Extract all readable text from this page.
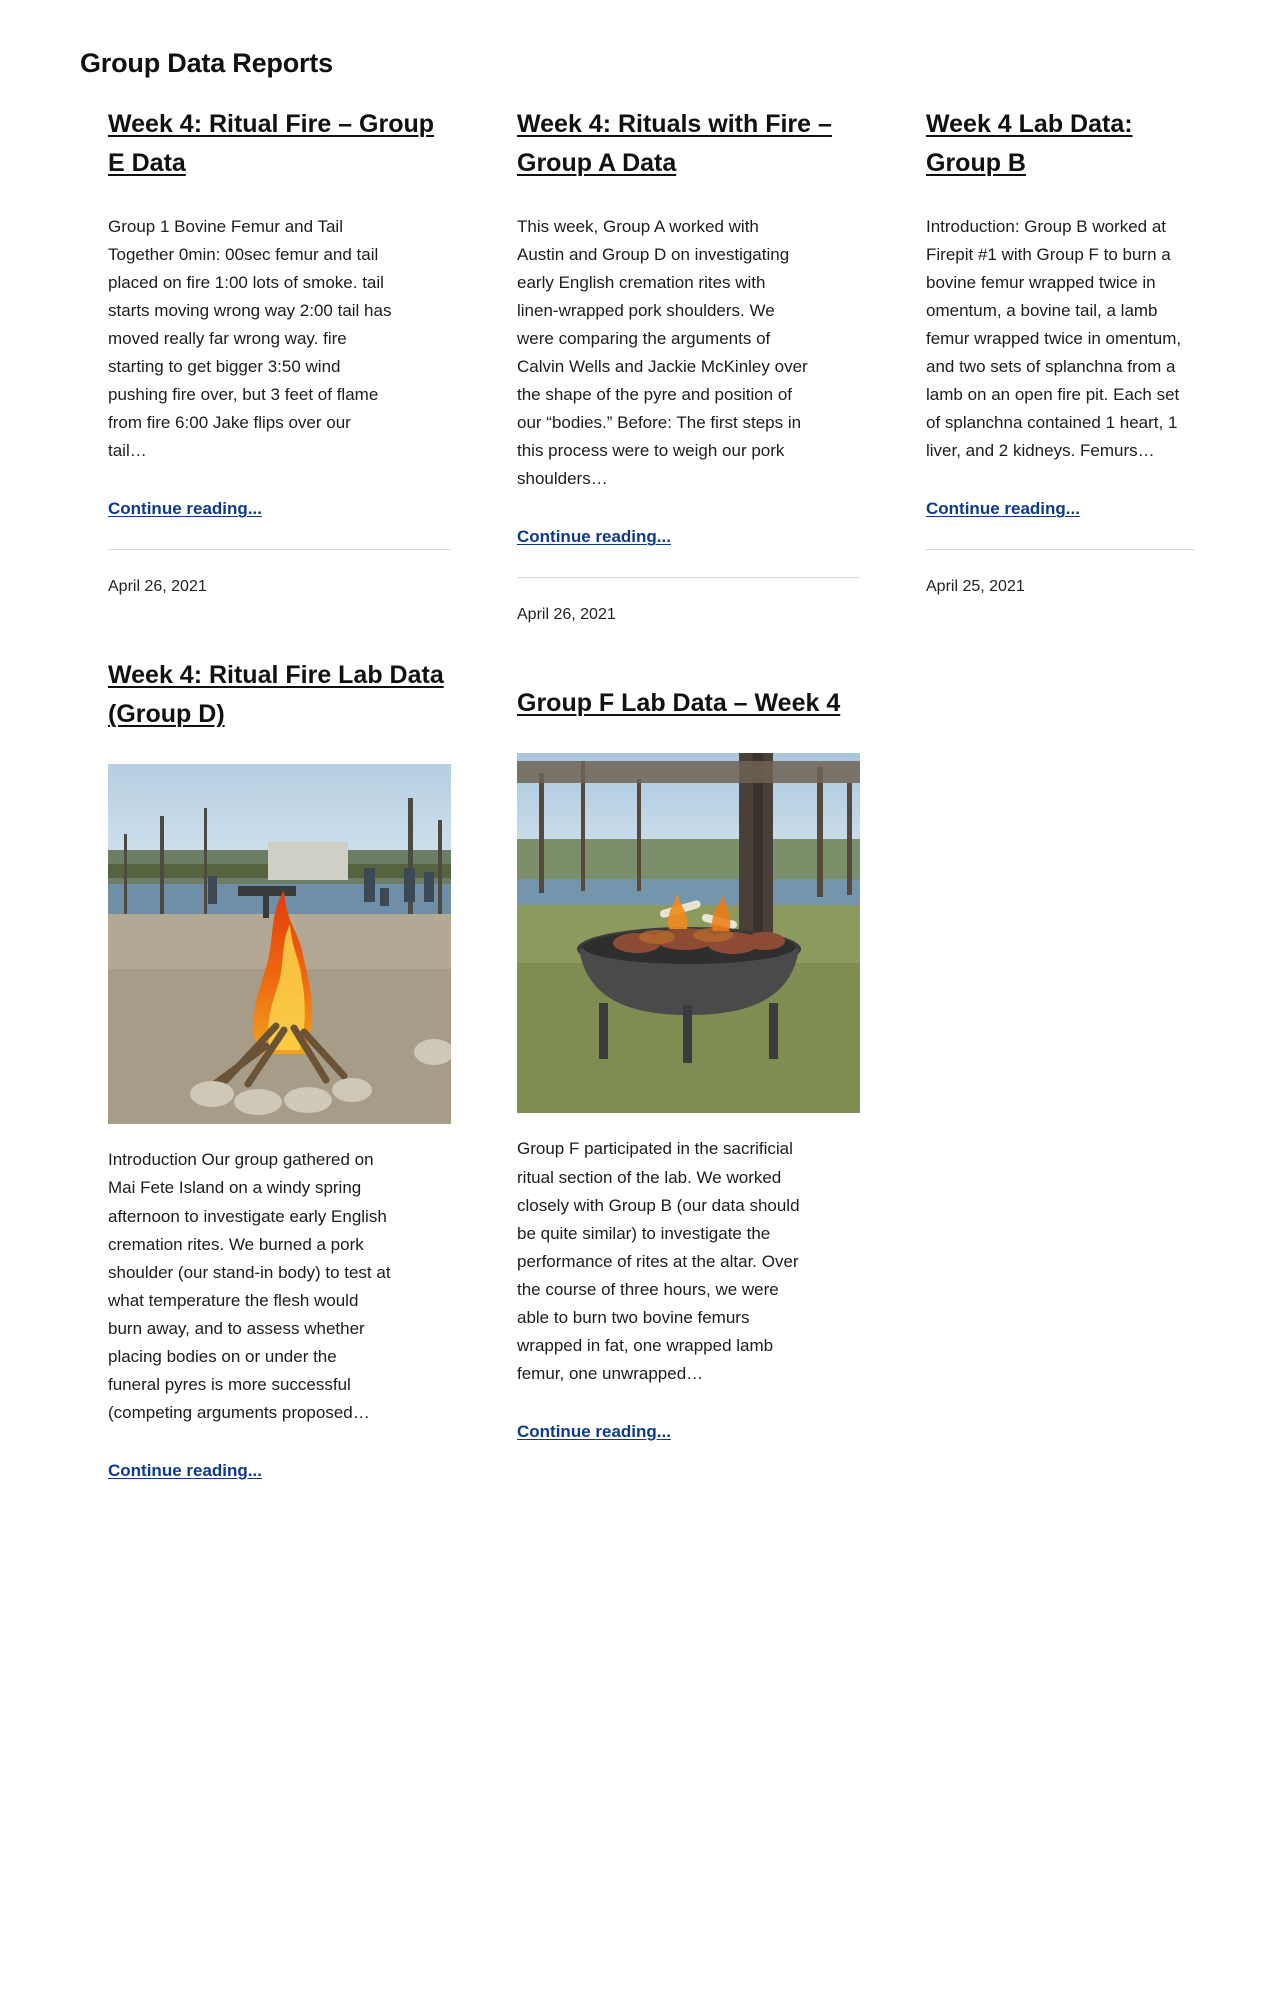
Group Data Reports
Week 4: Ritual Fire – Group E Data

Group 1 Bovine Femur and Tail Together 0min: 00sec femur and tail placed on fire 1:00 lots of smoke. tail starts moving wrong way 2:00 tail has moved really far wrong way. fire starting to get bigger 3:50 wind pushing fire over, but 3 feet of flame from fire 6:00 Jake flips over our tail…

Continue reading...
April 26, 2021
Week 4: Ritual Fire Lab Data (Group D)

Introduction Our group gathered on Mai Fete Island on a windy spring afternoon to investigate early English cremation rites. We burned a pork shoulder (our stand-in body) to test at what temperature the flesh would burn away, and to assess whether placing bodies on or under the funeral pyres is more successful (competing arguments proposed…

Continue reading...
Week 4: Rituals with Fire – Group A Data

This week, Group A worked with Austin and Group D on investigating early English cremation rites with linen-wrapped pork shoulders. We were comparing the arguments of Calvin Wells and Jackie McKinley over the shape of the pyre and position of our “bodies.” Before: The first steps in this process were to weigh our pork shoulders…

Continue reading...
April 26, 2021
Group F Lab Data – Week 4

Group F participated in the sacrificial ritual section of the lab. We worked closely with Group B (our data should be quite similar) to investigate the performance of rites at the altar. Over the course of three hours, we were able to burn two bovine femurs wrapped in fat, one wrapped lamb femur, one unwrapped…

Continue reading...
Week 4 Lab Data: Group B

Introduction: Group B worked at Firepit #1 with Group F to burn a bovine femur wrapped twice in omentum, a bovine tail, a lamb femur wrapped twice in omentum, and two sets of splanchna from a lamb on an open fire pit. Each set of splanchna contained 1 heart, 1 liver, and 2 kidneys. Femurs…

Continue reading...
April 25, 2021
